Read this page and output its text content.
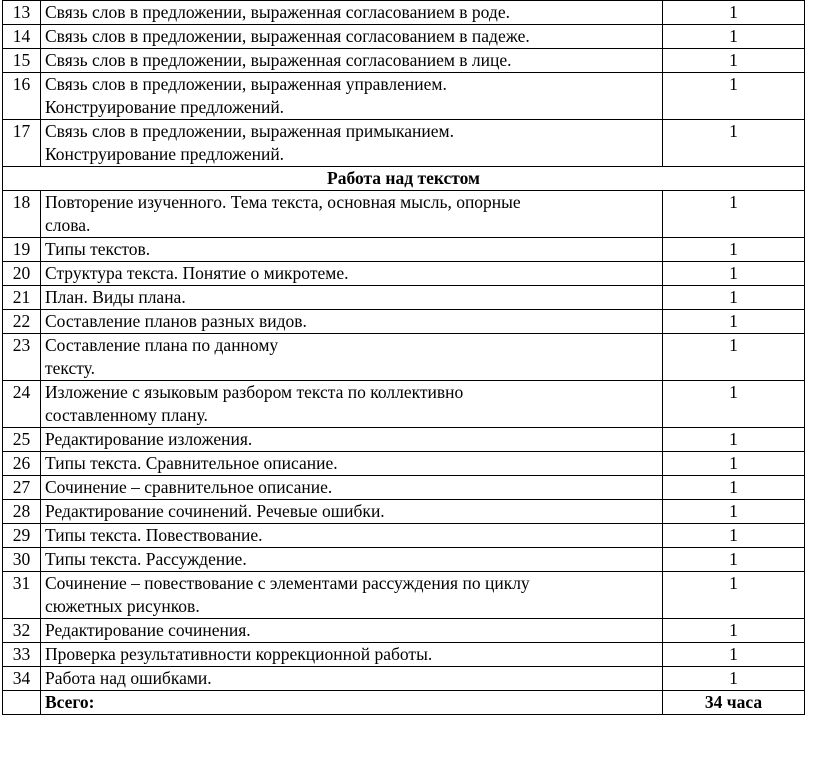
13	Связь слов в предложении, выраженная согласованием в роде.	1
14	Связь слов в предложении, выраженная согласованием в падеже.	1
15	Связь слов в предложении, выраженная согласованием в лице.	1
16	Связь слов в предложении, выраженная управлением.
Конструирование предложений.	1
17	Связь слов в предложении, выраженная примыканием.
Конструирование предложений.	1
Работа над текстом		
18	Повторение изученного. Тема текста, основная мысль, опорные
слова.	1
19	Типы текстов.	1
20	Структура текста. Понятие о микротеме.	1
21	План. Виды плана.	1
22	Составление планов разных видов.	1
23	Составление плана по данному
тексту.	1
24	Изложение с языковым разбором текста по коллективно
составленному плану.	1
25	Редактирование изложения.	1
26	Типы текста. Сравнительное описание.	1
27	Сочинение – сравнительное описание.	1
28	Редактирование сочинений. Речевые ошибки.	1
29	Типы текста. Повествование.	1
30	Типы текста. Рассуждение.	1
31	Сочинение – повествование с элементами рассуждения по циклу
сюжетных рисунков.	1
32	Редактирование сочинения.	1
33	Проверка результативности коррекционной работы.	1
34	Работа над ошибками.	1
	Всего:	34 часа
